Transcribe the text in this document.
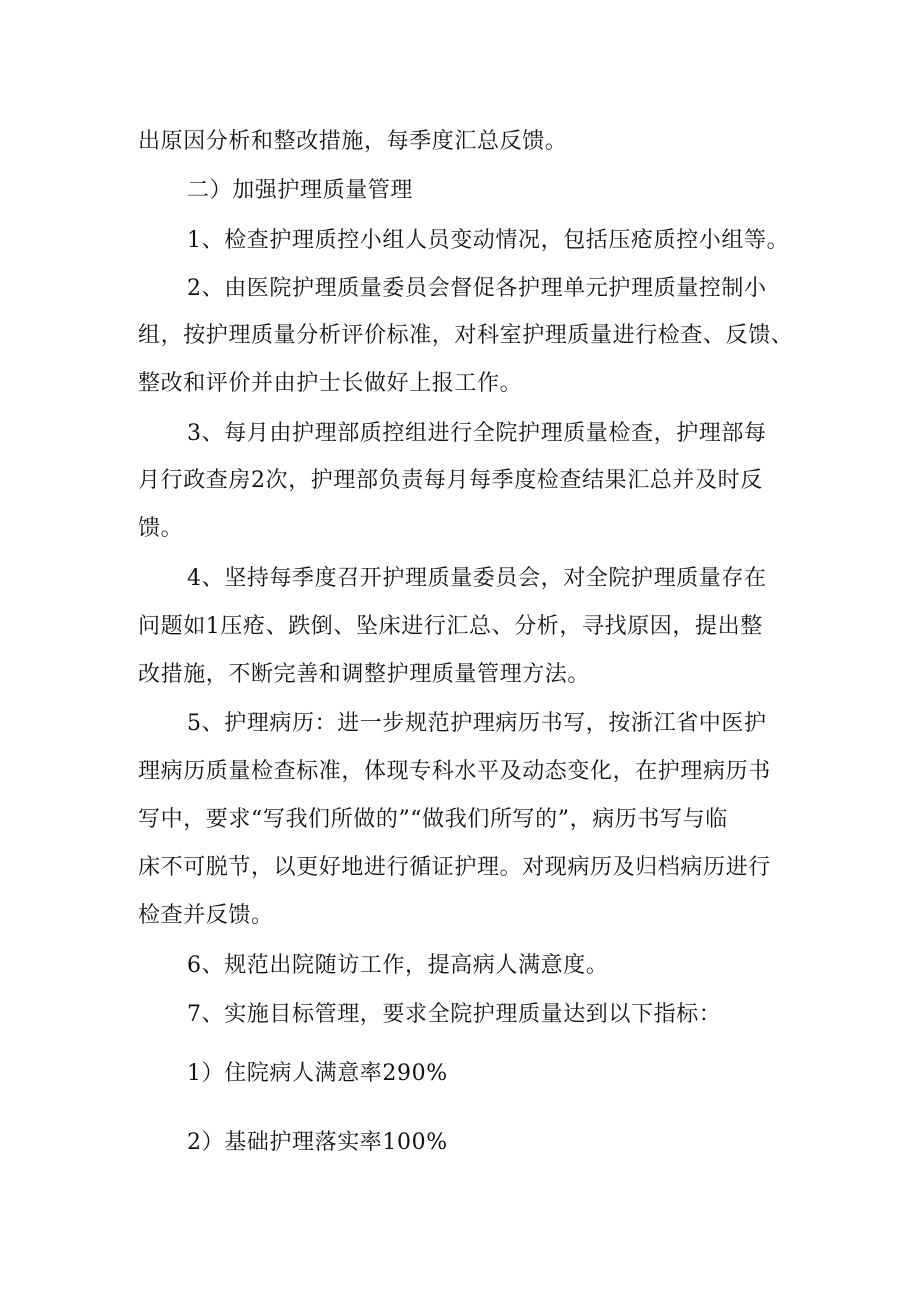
出原因分析和整改措施，每季度汇总反馈。
二）加强护理质量管理
1、检查护理质控小组人员变动情况，包括压疮质控小组等。
2、由医院护理质量委员会督促各护理单元护理质量控制小
组，按护理质量分析评价标准，对科室护理质量进行检查、反馈、
整改和评价并由护士长做好上报工作。
3、每月由护理部质控组进行全院护理质量检查，护理部每
月行政查房2次，护理部负责每月每季度检查结果汇总并及时反
馈。
4、坚持每季度召开护理质量委员会，对全院护理质量存在
问题如1压疮、跌倒、坠床进行汇总、分析，寻找原因，提出整
改措施，不断完善和调整护理质量管理方法。
5、护理病历：进一步规范护理病历书写，按浙江省中医护
理病历质量检查标准，体现专科水平及动态变化，在护理病历书
写中，要求“写我们所做的”“做我们所写的”，病历书写与临
床不可脱节，以更好地进行循证护理。对现病历及归档病历进行
检查并反馈。
6、规范出院随访工作，提高病人满意度。
7、实施目标管理，要求全院护理质量达到以下指标：
1）住院病人满意率290%
2）基础护理落实率100%
